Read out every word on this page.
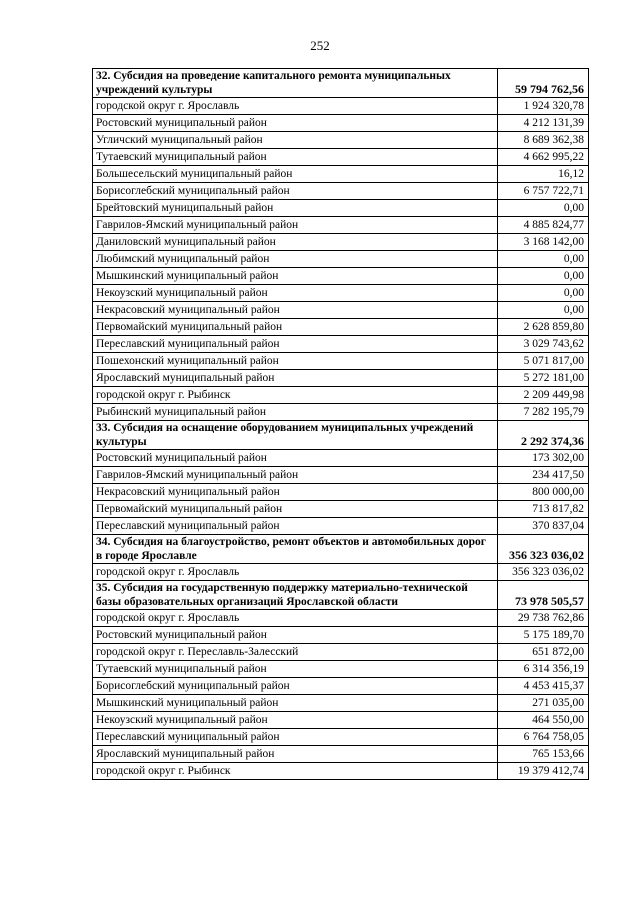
252
32. Субсидия на проведение капитального ремонта муниципальных учреждений культуры	59 794 762,56
городской округ г. Ярославль	1 924 320,78
Ростовский муниципальный район	4 212 131,39
Угличский муниципальный район	8 689 362,38
Тутаевский муниципальный район	4 662 995,22
Большесельский муниципальный район	16,12
Борисоглебский муниципальный район	6 757 722,71
Брейтовский муниципальный район	0,00
Гаврилов-Ямский муниципальный район	4 885 824,77
Даниловский муниципальный район	3 168 142,00
Любимский муниципальный район	0,00
Мышкинский муниципальный район	0,00
Некоузский муниципальный район	0,00
Некрасовский муниципальный район	0,00
Первомайский муниципальный район	2 628 859,80
Переславский муниципальный район	3 029 743,62
Пошехонский муниципальный район	5 071 817,00
Ярославский муниципальный район	5 272 181,00
городской округ г. Рыбинск	2 209 449,98
Рыбинский муниципальный район	7 282 195,79
33. Субсидия на оснащение оборудованием муниципальных учреждений культуры	2 292 374,36
Ростовский муниципальный район	173 302,00
Гаврилов-Ямский муниципальный район	234 417,50
Некрасовский муниципальный район	800 000,00
Первомайский муниципальный район	713 817,82
Переславский муниципальный район	370 837,04
34. Субсидия на благоустройство, ремонт объектов и автомобильных дорог в городе Ярославле	356 323 036,02
городской округ г. Ярославль	356 323 036,02
35. Субсидия на государственную поддержку материально-технической базы образовательных организаций Ярославской области	73 978 505,57
городской округ г. Ярославль	29 738 762,86
Ростовский муниципальный район	5 175 189,70
городской округ г. Переславль-Залесский	651 872,00
Тутаевский муниципальный район	6 314 356,19
Борисоглебский муниципальный район	4 453 415,37
Мышкинский муниципальный район	271 035,00
Некоузский муниципальный район	464 550,00
Переславский муниципальный район	6 764 758,05
Ярославский муниципальный район	765 153,66
городской округ г. Рыбинск	19 379 412,74
